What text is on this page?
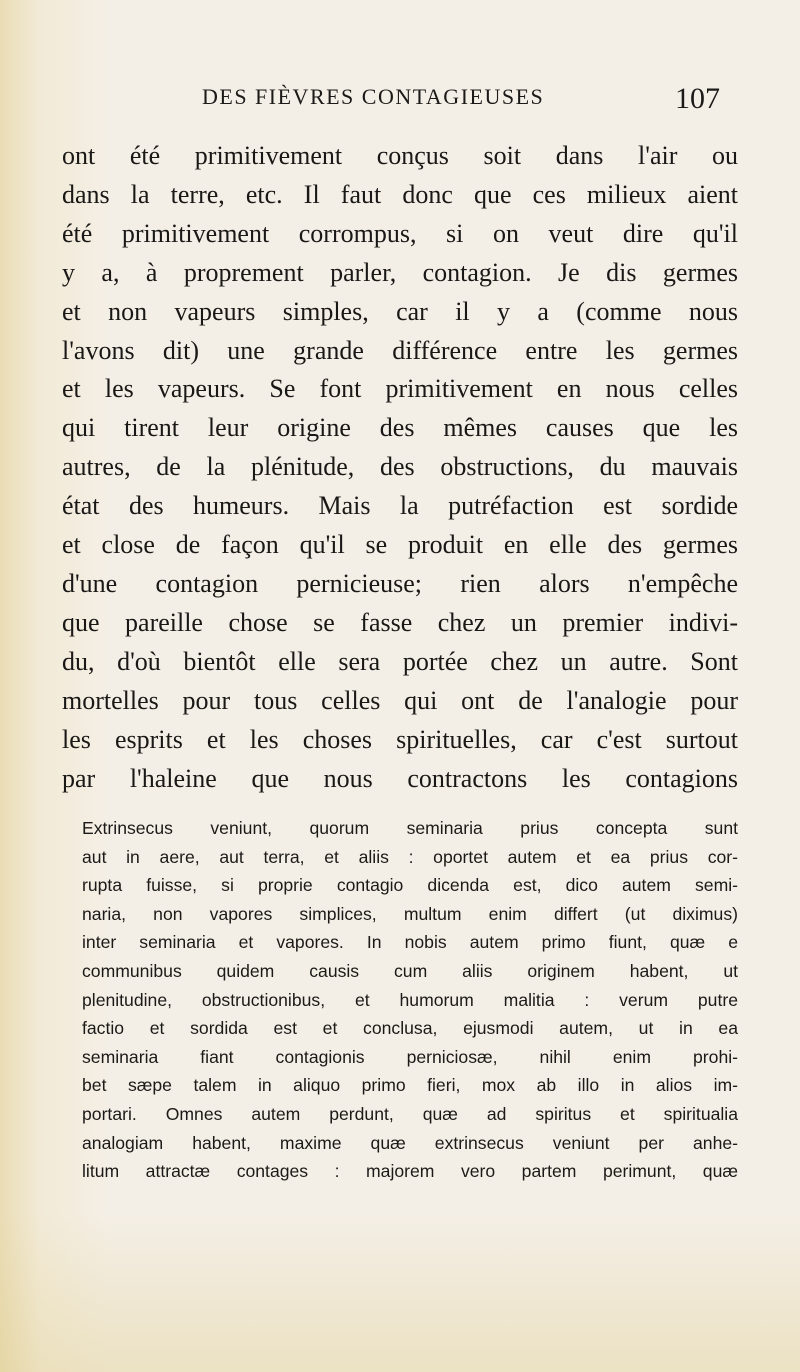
DES FIÈVRES CONTAGIEUSES	107

ont été primitivement conçus soit dans l'air ou
dans la terre, etc. Il faut donc que ces milieux aient
été primitivement corrompus, si on veut dire qu'il
y a, à proprement parler, contagion. Je dis germes
et non vapeurs simples, car il y a (comme nous
l'avons dit) une grande différence entre les germes
et les vapeurs. Se font primitivement en nous celles
qui tirent leur origine des mêmes causes que les
autres, de la plénitude, des obstructions, du mauvais
état des humeurs. Mais la putréfaction est sordide
et close de façon qu'il se produit en elle des germes
d'une contagion pernicieuse; rien alors n'empêche
que pareille chose se fasse chez un premier indivi-
du, d'où bientôt elle sera portée chez un autre. Sont
mortelles pour tous celles qui ont de l'analogie pour
les esprits et les choses spirituelles, car c'est surtout
par l'haleine que nous contractons les contagions

Extrinsecus veniunt, quorum seminaria prius concepta sunt
aut in aere, aut terra, et aliis : oportet autem et ea prius cor-
rupta fuisse, si proprie contagio dicenda est, dico autem semi-
naria, non vapores simplices, multum enim differt (ut diximus)
inter seminaria et vapores. In nobis autem primo fiunt, quæ e
communibus quidem causis cum aliis originem habent, ut
plenitudine, obstructionibus, et humorum malitia : verum putre
factio et sordida est et conclusa, ejusmodi autem, ut in ea
seminaria fiant contagionis perniciosæ, nihil enim prohi-
bet sæpe talem in aliquo primo fieri, mox ab illo in alios im-
portari. Omnes autem perdunt, quæ ad spiritus et spiritualia
analogiam habent, maxime quæ extrinsecus veniunt per anhe-
litum attractæ contages : majorem vero partem perimunt, quæ
